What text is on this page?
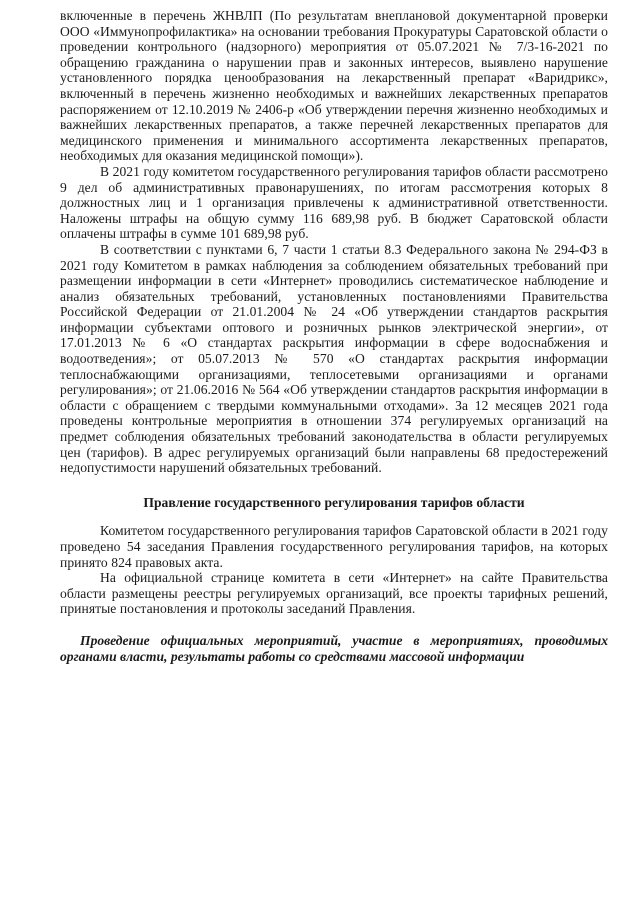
включенные в перечень ЖНВЛП (По результатам внеплановой документарной проверки ООО «Иммунопрофилактика» на основании требования Прокуратуры Саратовской области о проведении контрольного (надзорного) мероприятия от 05.07.2021 № 7/3-16-2021 по обращению гражданина о нарушении прав и законных интересов, выявлено нарушение установленного порядка ценообразования на лекарственный препарат «Варидрикс», включенный в перечень жизненно необходимых и важнейших лекарственных препаратов распоряжением от 12.10.2019 № 2406-р «Об утверждении перечня жизненно необходимых и важнейших лекарственных препаратов, а также перечней лекарственных препаратов для медицинского применения и минимального ассортимента лекарственных препаратов, необходимых для оказания медицинской помощи»).

В 2021 году комитетом государственного регулирования тарифов области рассмотрено 9 дел об административных правонарушениях, по итогам рассмотрения которых 8 должностных лиц и 1 организация привлечены к административной ответственности. Наложены штрафы на общую сумму 116 689,98 руб. В бюджет Саратовской области оплачены штрафы в сумме 101 689,98 руб.

В соответствии с пунктами 6, 7 части 1 статьи 8.3 Федерального закона № 294-ФЗ в 2021 году Комитетом в рамках наблюдения за соблюдением обязательных требований при размещении информации в сети «Интернет» проводились систематическое наблюдение и анализ обязательных требований, установленных постановлениями Правительства Российской Федерации от 21.01.2004 № 24 «Об утверждении стандартов раскрытия информации субъектами оптового и розничных рынков электрической энергии», от 17.01.2013 № 6 «О стандартах раскрытия информации в сфере водоснабжения и водоотведения»; от 05.07.2013 № 570 «О стандартах раскрытия информации теплоснабжающими организациями, теплосетевыми организациями и органами регулирования»; от 21.06.2016 № 564 «Об утверждении стандартов раскрытия информации в области с обращением с твердыми коммунальными отходами». За 12 месяцев 2021 года проведены контрольные мероприятия в отношении 374 регулируемых организаций на предмет соблюдения обязательных требований законодательства в области регулируемых цен (тарифов). В адрес регулируемых организаций были направлены 68 предостережений недопустимости нарушений обязательных требований.

Правление государственного регулирования тарифов области

Комитетом государственного регулирования тарифов Саратовской области в 2021 году проведено 54 заседания Правления государственного регулирования тарифов, на которых принято 824 правовых акта.

На официальной странице комитета в сети «Интернет» на сайте Правительства области размещены реестры регулируемых организаций, все проекты тарифных решений, принятые постановления и протоколы заседаний Правления.

Проведение официальных мероприятий, участие в мероприятиях, проводимых органами власти, результаты работы со средствами массовой информации
